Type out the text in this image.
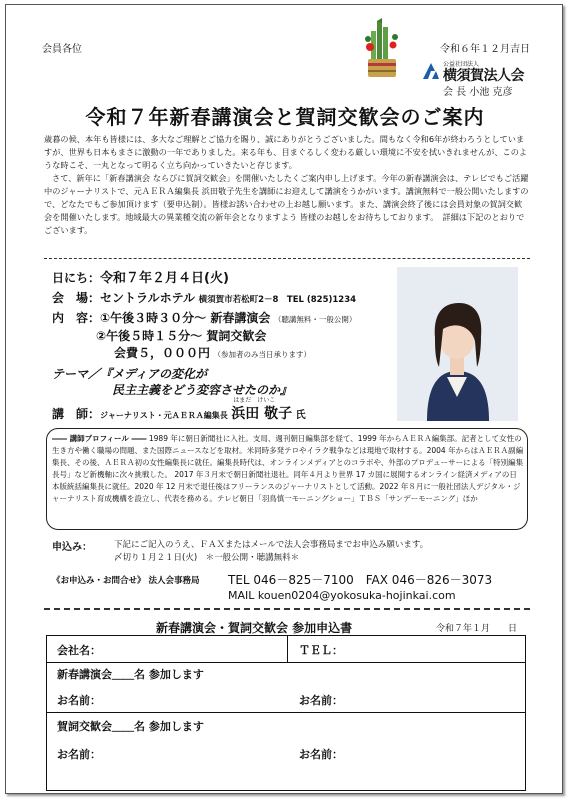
会員各位	令和６年１２月吉日
公益社団法人
横須賀法人会
会 長 小池 克彦
令和７年新春講演会と賀詞交歓会のご案内

歳暮の候、本年も皆様には、多大なご理解とご協力を賜り、誠にありがとうございました。間もなく令和6年が終わろうとしていますが、世界も日本もまさに激動の一年でありました。来る年も、目まぐるしく変わる厳しい環境に不安を拭いきれませんが、このような時こそ、一丸となって明るく立ち向かっていきたいと存じます。

さて、新年に「新春講演会 ならびに賀詞交歓会」を開催いたしたくご案内申し上げます。今年の新春講演会は、テレビでもご活躍中のジャーナリストで、元ＡＥＲＡ編集長 浜田敬子先生を講師にお迎えして講演をうかがいます。講演無料で一般公開いたしますので、どなたでもご参加頂けます（要申込制）。皆様お誘い合わせの上お越し願います。また、講演会終了後には会員対象の賀詞交歓会を開催いたします。地域最大の異業種交流の新年会となりますよう 皆様のお越しをお待ちしております。　詳細は下記のとおりでございます。

日にち：令和７年２月４日(火)
会　場：セントラルホテル 横須賀市若松町2－8　TEL (825)1234
内　容：①午後３時３０分～ 新春講演会 （聴講無料・一般公開）
②午後５時１５分～ 賀詞交歓会
会費５，０００円 （参加者のみ当日承ります）
テーマ／『メディアの変化が
民主主義をどう変容させたのか』
講　師：ジャーナリスト・元ＡＥＲＡ編集長
はまだ　けいこ
浜田 敬子 氏
―― 講師プロフィール ―― 1989 年に朝日新聞社に入社。支局、週刊朝日編集部を経て、1999 年からＡＥＲＡ編集部。記者として女性の生き方や働く職場の問題、また国際ニュースなどを取材。米同時多発テロやイラク戦争などは現地で取材する。2004 年からはＡＥＲＡ副編集長、その後、ＡＥＲＡ初の女性編集長に就任。編集長時代は、オンラインメディアとのコラボや、外部のプロデューサーによる「特別編集長号」など新機軸に次々挑戦した。 2017 年３月末で朝日新聞社退社。同年４月より世界 17 カ国に展開するオンライン経済メディアの日本版統括編集長に就任。2020 年 12 月末で退任後はフリーランスのジャーナリストとして活動。2022 年８月に一般社団法人デジタル・ジャーナリスト育成機構を設立し、代表を務める。テレビ朝日「羽鳥慎一モーニングショー」ＴＢＳ「サンデーモーニング」ほか
申込み：	下記にご記入のうえ、ＦＡＸまたはメールで法人会事務局までお申込み願います。
〆切り１月２１日(火)　＊一般公開・聴講無料＊
《お申込み・お問合せ》 法人会事務局 TEL 046－825－7100　FAX 046－826－3073
MAIL kouen0204@yokosuka-hojinkai.com
新春講演会・賀詞交歓会 参加申込書	令和７年１月　　日
会社名：	ＴＥＬ：
新春講演会＿＿名 参加します
お名前：	お名前：
賀詞交歓会＿＿名 参加します
お名前：	お名前：
